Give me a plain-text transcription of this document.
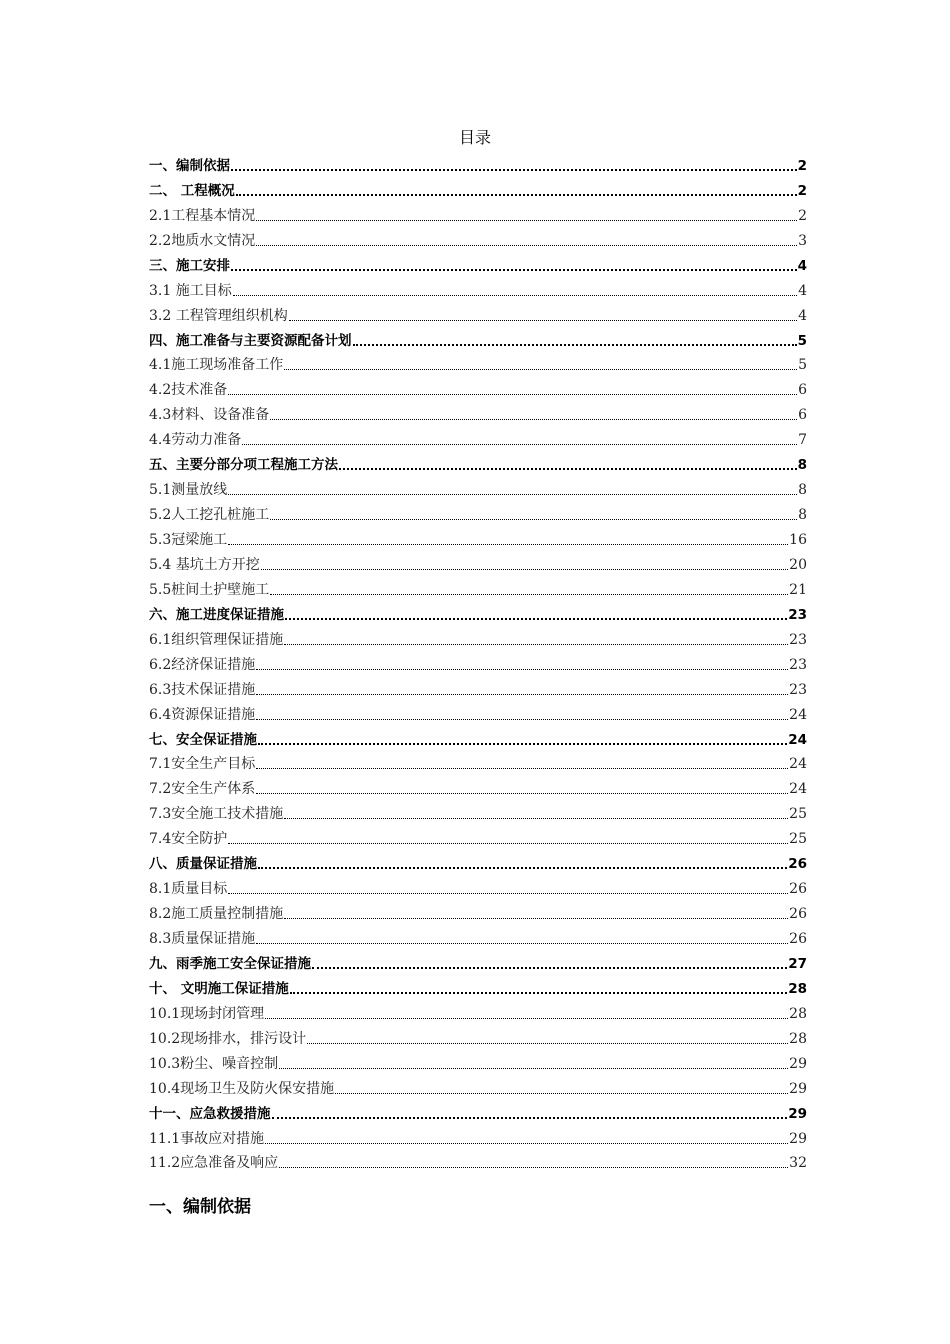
目录
一、编制依据	2
二、 工程概况	2
2.1工程基本情况	2
2.2地质水文情况	3
三、施工安排	4
3.1 施工目标	4
3.2 工程管理组织机构	4
四、施工准备与主要资源配备计划	5
4.1施工现场准备工作	5
4.2技术准备	6
4.3材料、设备准备	6
4.4劳动力准备	7
五、主要分部分项工程施工方法	8
5.1测量放线	8
5.2人工挖孔桩施工	8
5.3冠梁施工	16
5.4 基坑土方开挖	20
5.5桩间土护壁施工	21
六、施工进度保证措施	23
6.1组织管理保证措施	23
6.2经济保证措施	23
6.3技术保证措施	23
6.4资源保证措施	24
七、安全保证措施	24
7.1安全生产目标	24
7.2安全生产体系	24
7.3安全施工技术措施	25
7.4安全防护	25
八、质量保证措施	26
8.1质量目标	26
8.2施工质量控制措施	26
8.3质量保证措施	26
九、雨季施工安全保证措施	27
十、 文明施工保证措施	28
10.1现场封闭管理	28
10.2现场排水，排污设计	28
10.3粉尘、噪音控制	29
10.4现场卫生及防火保安措施	29
十一、应急救援措施	29
11.1事故应对措施	29
11.2应急准备及响应	32
一、编制依据
